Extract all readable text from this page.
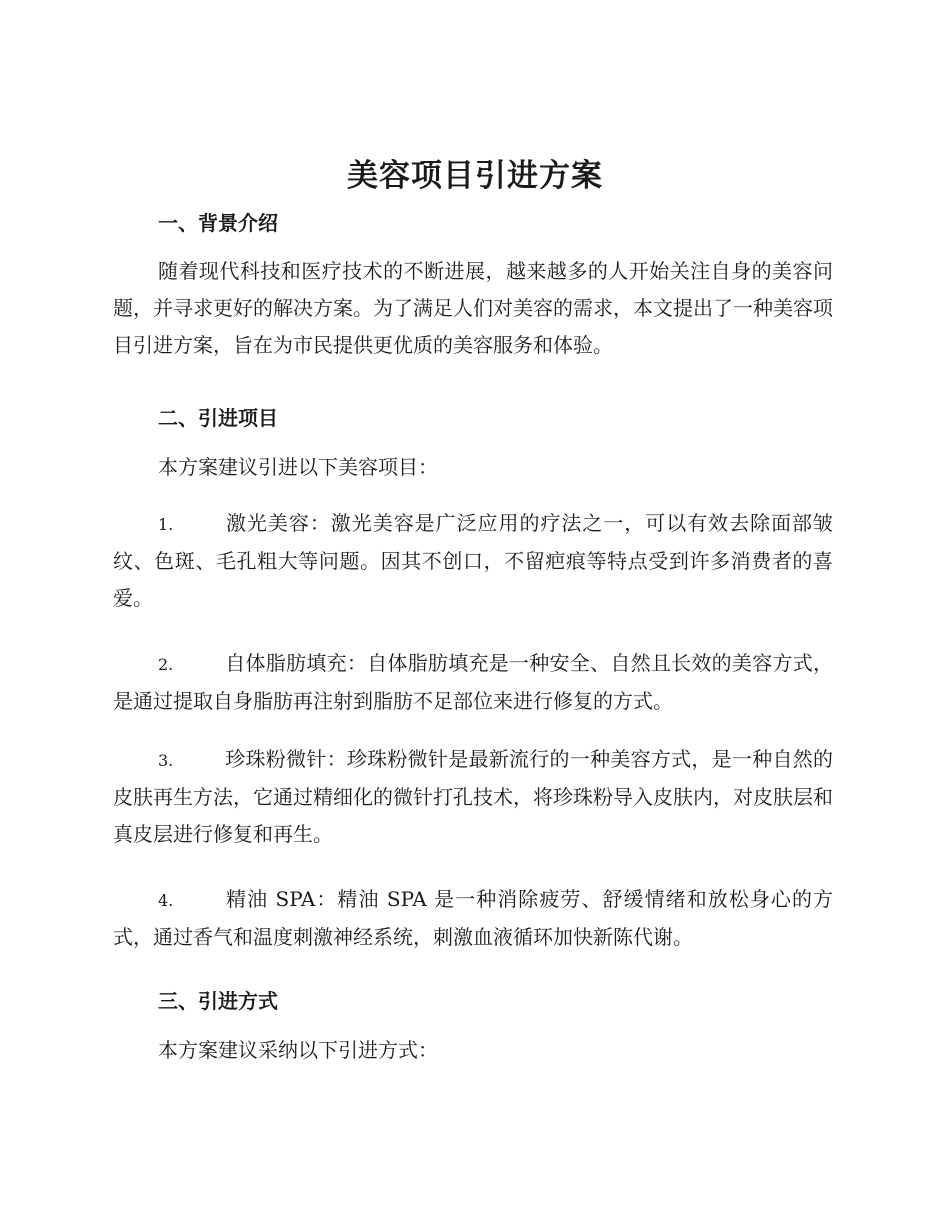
美容项目引进方案
一、背景介绍

随着现代科技和医疗技术的不断进展，越来越多的人开始关注自身的美容问题，并寻求更好的解决方案。为了满足人们对美容的需求，本文提出了一种美容项目引进方案，旨在为市民提供更优质的美容服务和体验。

二、引进项目

本方案建议引进以下美容项目：

1.	激光美容：激光美容是广泛应用的疗法之一，可以有效去除面部皱纹、色斑、毛孔粗大等问题。因其不创口，不留疤痕等特点受到许多消费者的喜爱。

2.	自体脂肪填充：自体脂肪填充是一种安全、自然且长效的美容方式，是通过提取自身脂肪再注射到脂肪不足部位来进行修复的方式。

3.	珍珠粉微针：珍珠粉微针是最新流行的一种美容方式，是一种自然的皮肤再生方法，它通过精细化的微针打孔技术，将珍珠粉导入皮肤内，对皮肤层和真皮层进行修复和再生。

4.	精油 SPA：精油 SPA 是一种消除疲劳、舒缓情绪和放松身心的方式，通过香气和温度刺激神经系统，刺激血液循环加快新陈代谢。

三、引进方式

本方案建议采纳以下引进方式：
